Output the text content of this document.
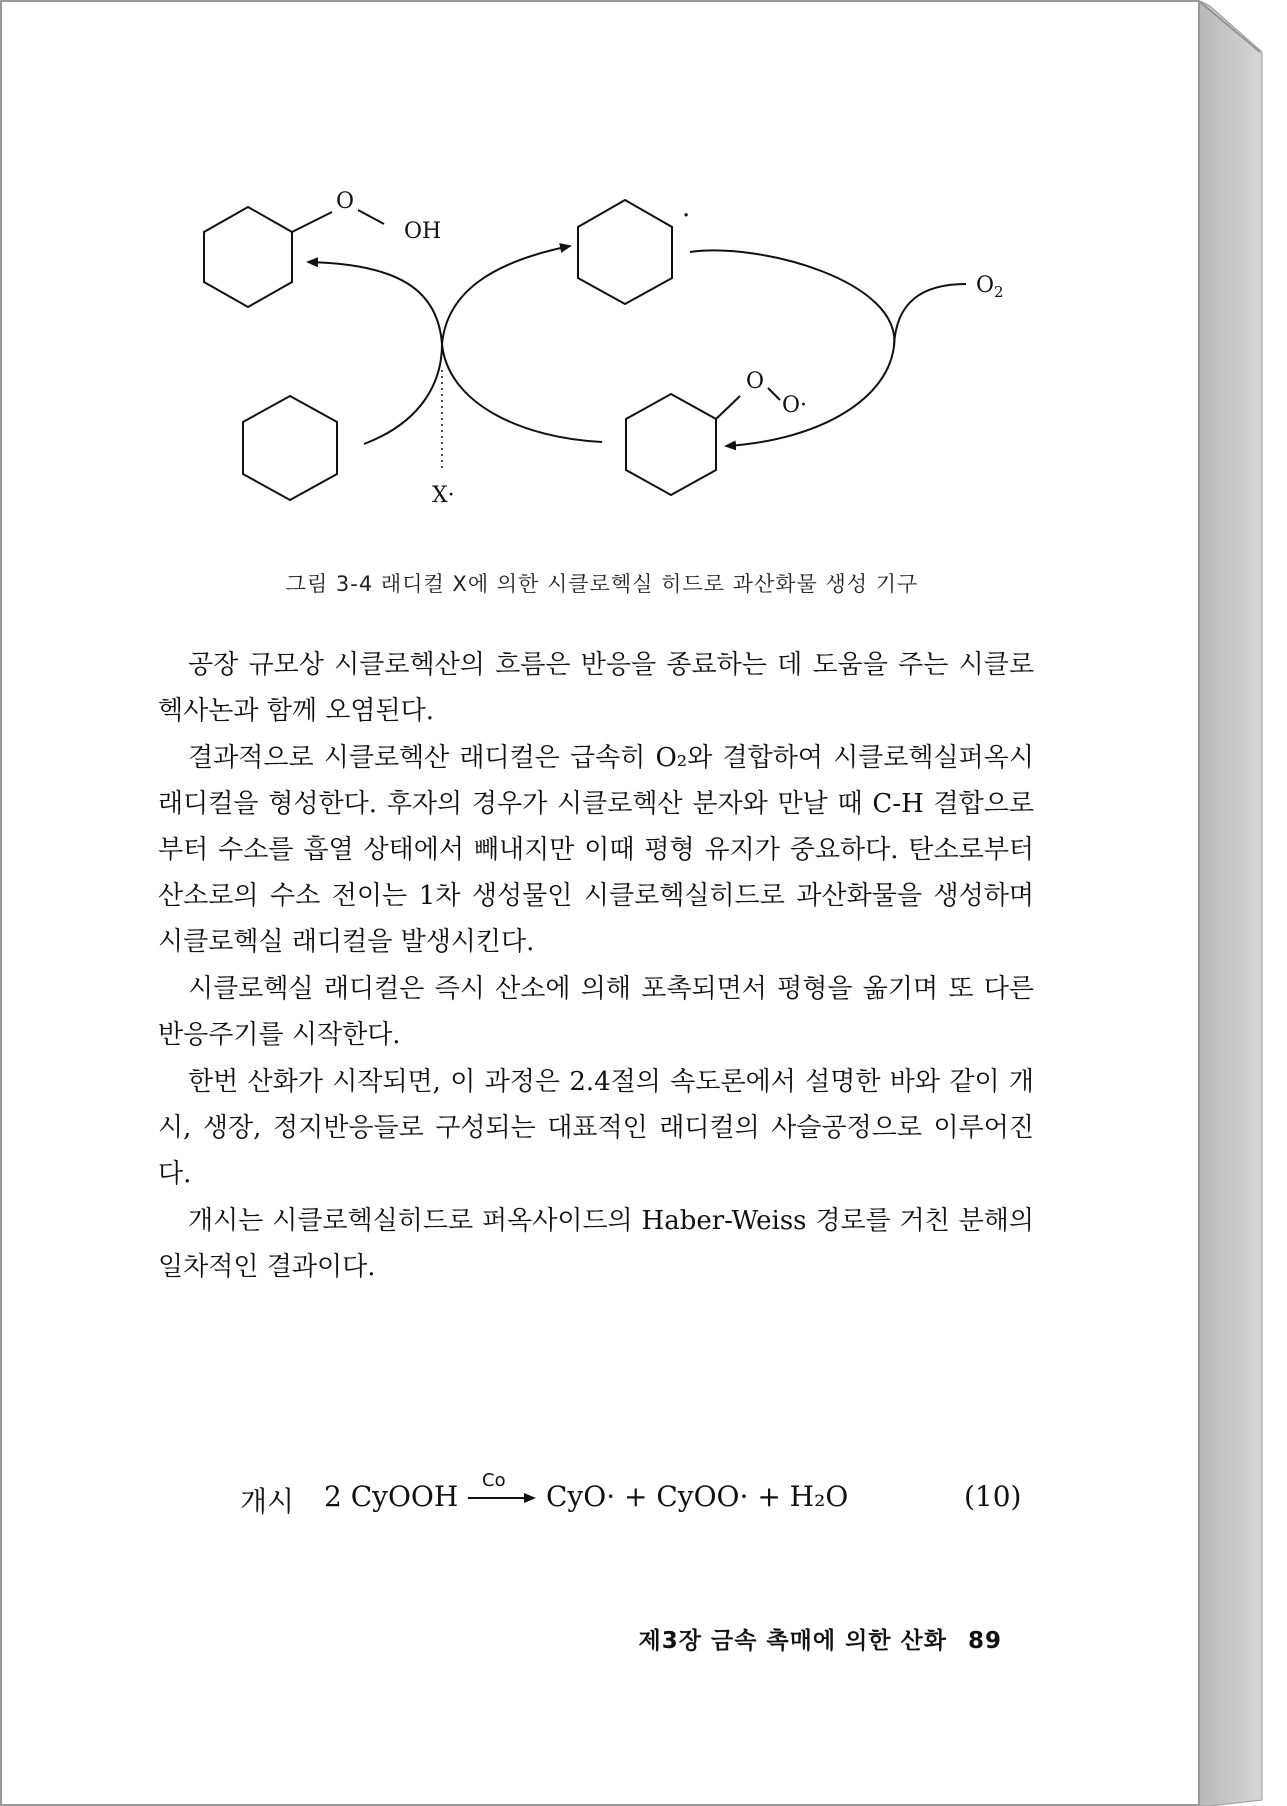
O
OH
·
$O_2$
O
O·
X·
그림 3-4 래디컬 X에 의한 시클로헥실 히드로 과산화물 생성 기구

공장 규모상 시클로헥산의 흐름은 반응을 종료하는 데 도움을 주는 시클로헥사논과 함께 오염된다.

결과적으로 시클로헥산 래디컬은 급속히 O₂와 결합하여 시클로헥실퍼옥시 래디컬을 형성한다. 후자의 경우가 시클로헥산 분자와 만날 때 C-H 결합으로부터 수소를 흡열 상태에서 빼내지만 이때 평형 유지가 중요하다. 탄소로부터 산소로의 수소 전이는 1차 생성물인 시클로헥실히드로 과산화물을 생성하며 시클로헥실 래디컬을 발생시킨다.

시클로헥실 래디컬은 즉시 산소에 의해 포촉되면서 평형을 옮기며 또 다른 반응주기를 시작한다.

한번 산화가 시작되면, 이 과정은 2.4절의 속도론에서 설명한 바와 같이 개시, 생장, 정지반응들로 구성되는 대표적인 래디컬의 사슬공정으로 이루어진다.

개시는 시클로헥실히드로 퍼옥사이드의 Haber-Weiss 경로를 거친 분해의 일차적인 결과이다.

개시 2 CyOOH Co CyO· + CyOO· + H₂O	(10)
제3장 금속 촉매에 의한 산화 89
